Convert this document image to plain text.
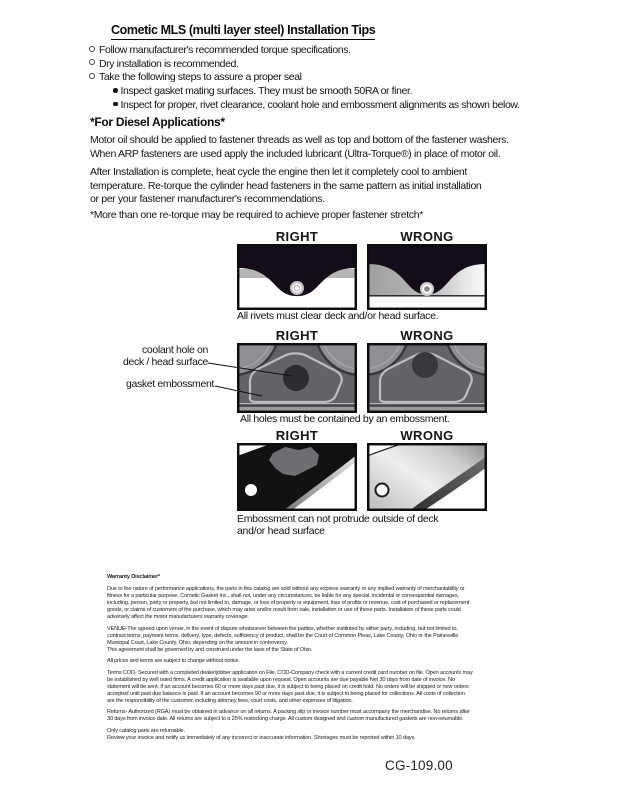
Cometic MLS (multi layer steel) Installation Tips
Follow manufacturer's recommended torque specifications.
Dry installation is recommended.
Take the following steps to assure a proper seal
Inspect gasket mating surfaces. They must be smooth 50RA or finer.
Inspect for proper, rivet clearance, coolant hole and embossment alignments as shown below.
*For Diesel Applications*
Motor oil should be applied to fastener threads as well as top and bottom of the fastener washers.
When ARP fasteners are used apply the included lubricant (Ultra-Torque®) in place of motor oil.
After Installation is complete, heat cycle the engine then let it completely cool to ambient
temperature. Re-torque the cylinder head fasteners in the same pattern as initial installation
or per your fastener manufacturer's recommendations.
*More than one re-torque may be required to achieve proper fastener stretch*
RIGHT	WRONG
All rivets must clear deck and/or head surface.
RIGHT	WRONG
coolant hole on
deck / head surface
gasket embossment
All holes must be contained by an embossment.
RIGHT	WRONG
Embossment can not protrude outside of deck
and/or head surface
Warranty Disclaimer*
Due to the nature of performance applications, the parts in this catalog are sold without any express warranty or any implied warranty of merchantability or
fitness for a particular purpose. Cometic Gasket Inc., shall not, under any circumstances, be liable for any special, incidental or consequential damages,
including, person, party or property, but not limited to, damage, or loss of property or equipment, loss of profits or revenue, cost of purchased or replacement
goods, or claims of customers of the purchase, which may arise and/or result from sale, installation or use of these parts. Installation of these parts could
adversely affect the motor manufacturers warranty coverage.
VENUE-The agreed upon venue, in the event of dispute whatsoever between the parties, whether instituted by either party, including, but not limited to,
contract terms, payment terms, delivery, type, defects, sufficiency of product, shall be the Court of Common Pleas, Lake County, Ohio or the Painesville
Municipal Court, Lake County, Ohio, depending on the amount in controversy.
This agreement shall be governed by and construed under the laws of the State of Ohio.
All prices and terms are subject to change without notice.
Terms COD- Secured with a completed dealer/jobber application on File, COD-Company check with a current credit card number on file. Open accounts may
be established by well rated firms. A credit application is available upon request. Open accounts are due payable Net 30 days from date of invoice. No
statement will be sent. If an account becomes 60 or more days past due, it is subject to being placed on credit hold. No orders will be shipped or new orders
accepted until past due balance is paid. If an account becomes 90 or more days past due, it is subject to being placed for collections. All costs of collection
are the responsibility of the customer, including attorney fees, court costs, and other expenses of litigation.
Returns- Authorized (RGA) must be obtained in advance on all returns. A packing slip or invoice number must accompany the merchandise. No returns after
30 days from invoice date. All returns are subject to a 25% restocking charge. All custom designed and custom manufactured gaskets are non-returnable.
Only catalog parts are returnable.
Review your invoice and notify us immediately of any incorrect or inaccurate information. Shortages must be reported within 10 days.
CG-109.00
